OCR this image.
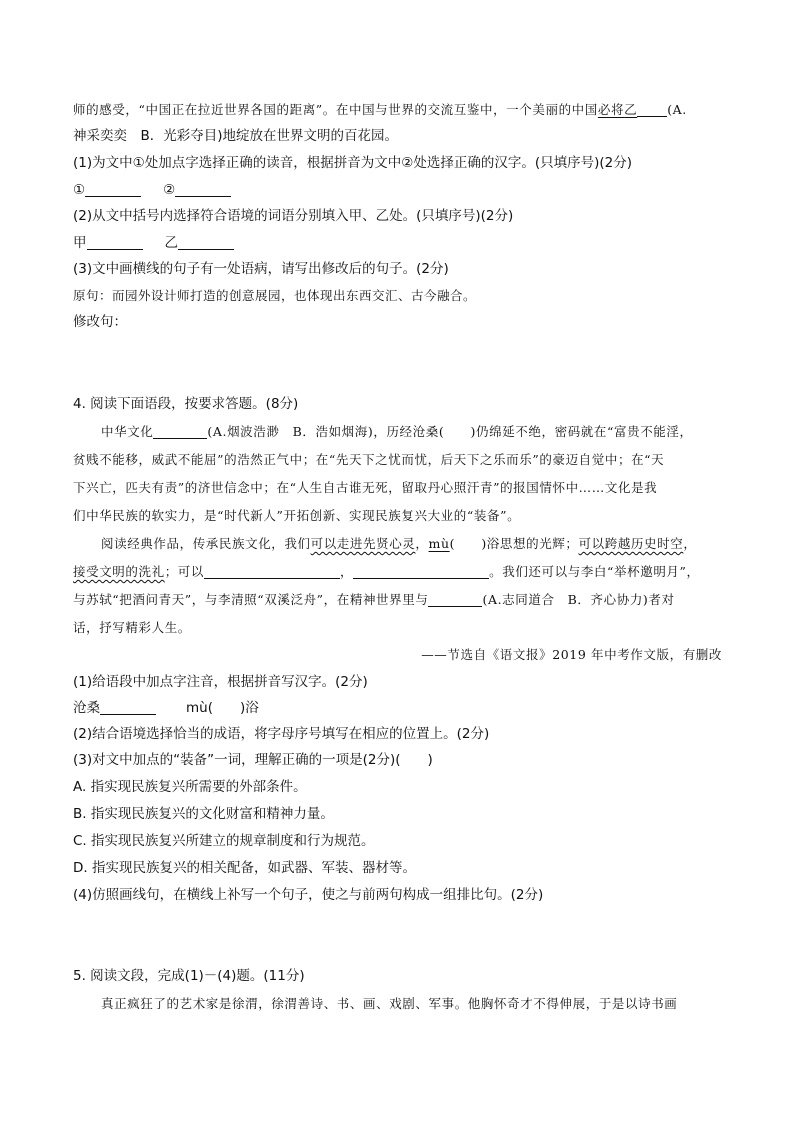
师的感受，“中国正在拉近世界各国的距离”。在中国与世界的交流互鉴中，一个美丽的中国必将乙 (A.
神采奕奕　B．光彩夺目)地绽放在世界文明的百花园。
(1)为文中①处加点字选择正确的读音，根据拼音为文中②处选择正确的汉字。(只填序号)(2分)
①	②
(2)从文中括号内选择符合语境的词语分别填入甲、乙处。(只填序号)(2分)
甲	乙
(3)文中画横线的句子有一处语病，请写出修改后的句子。(2分)
原句：而园外设计师打造的创意展园，也体现出东西交汇、古今融合。
修改句：
4. 阅读下面语段，按要求答题。(8分)
中华文化	(A.烟波浩渺　B．浩如烟海)，历经沧桑(　　)仍绵延不绝，密码就在“富贵不能淫，
贫贱不能移，威武不能屈”的浩然正气中；在“先天下之忧而忧，后天下之乐而乐”的豪迈自觉中；在“天
下兴亡，匹夫有责”的济世信念中；在“人生自古谁无死，留取丹心照汗青”的报国情怀中……文化是我
们中华民族的软实力，是“时代新人”开拓创新、实现民族复兴大业的“装备”。
阅读经典作品，传承民族文化，我们可以走进先贤心灵，mù(　　)浴思想的光辉；可以跨越历史时空，
接受文明的洗礼；可以	，	。我们还可以与李白“举杯邀明月”，
与苏轼“把酒问青天”，与李清照“双溪泛舟”，在精神世界里与	(A.志同道合　B．齐心协力)者对
话，抒写精彩人生。
——节选自《语文报》2019 年中考作文版，有删改
(1)给语段中加点字注音，根据拼音写汉字。(2分)
沧桑	mù(　　)浴
(2)结合语境选择恰当的成语，将字母序号填写在相应的位置上。(2分)
(3)对文中加点的“装备”一词，理解正确的一项是(2分)(　　)
A. 指实现民族复兴所需要的外部条件。
B. 指实现民族复兴的文化财富和精神力量。
C. 指实现民族复兴所建立的规章制度和行为规范。
D. 指实现民族复兴的相关配备，如武器、军装、器材等。
(4)仿照画线句，在横线上补写一个句子，使之与前两句构成一组排比句。(2分)
5. 阅读文段，完成(1)－(4)题。(11分)
真正疯狂了的艺术家是徐渭，徐渭善诗、书、画、戏剧、军事。他胸怀奇才不得伸展，于是以诗书画
